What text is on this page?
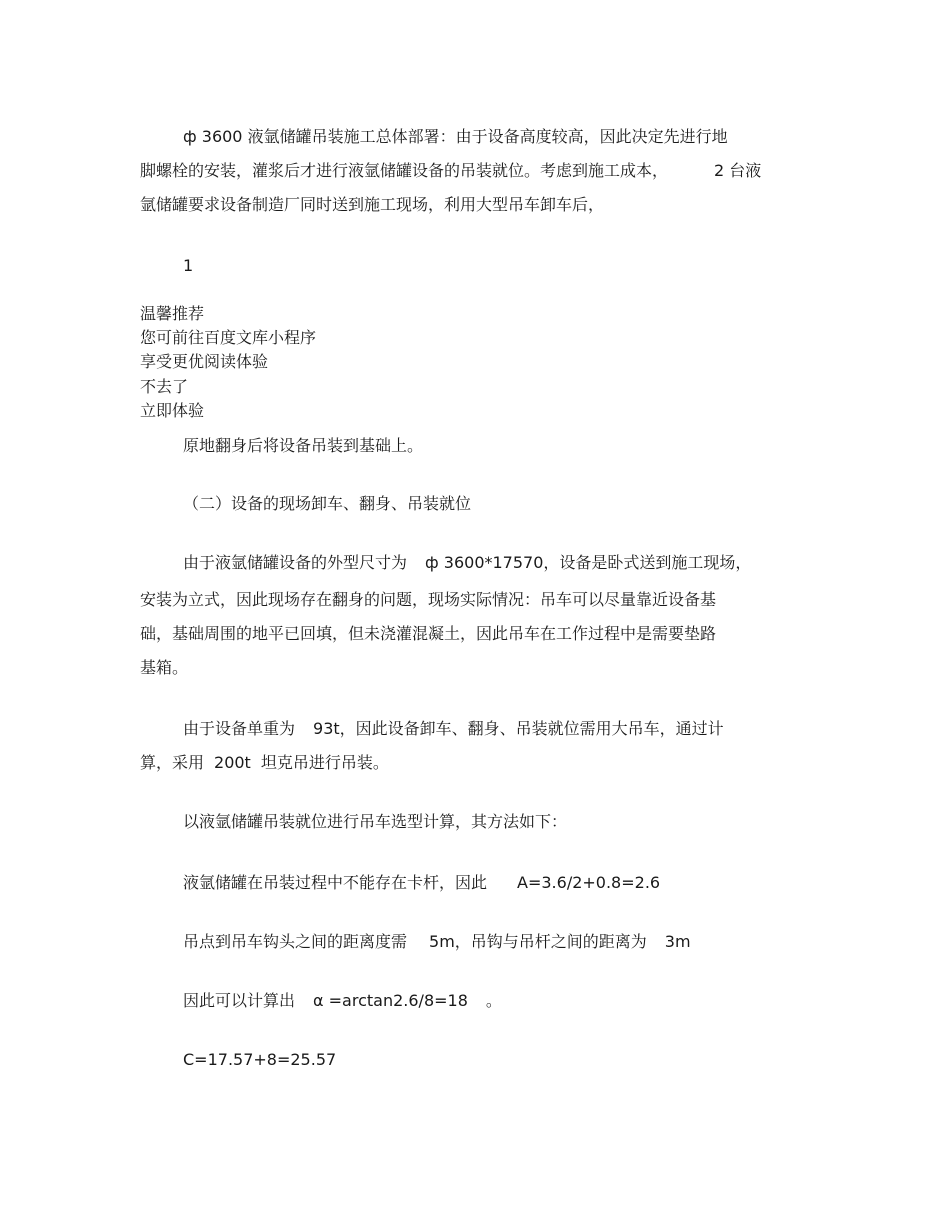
ф 3600 液氩储罐吊装施工总体部署：由于设备高度较高，因此决定先进行地

脚螺栓的安装，灌浆后才进行液氩储罐设备的吊装就位。考虑到施工成本，	2 台液

氩储罐要求设备制造厂同时送到施工现场，利用大型吊车卸车后，

1

温馨推荐

您可前往百度文库小程序

享受更优阅读体验

不去了

立即体验

原地翻身后将设备吊装到基础上。

（二）设备的现场卸车、翻身、吊装就位

由于液氩储罐设备的外型尺寸为 ф 3600*17570，设备是卧式送到施工现场，

安装为立式，因此现场存在翻身的问题，现场实际情况：吊车可以尽量靠近设备基

础，基础周围的地平已回填，但未浇灌混凝土，因此吊车在工作过程中是需要垫路

基箱。

由于设备单重为 93t，因此设备卸车、翻身、吊装就位需用大吊车，通过计

算，采用 200t 坦克吊进行吊装。

以液氩储罐吊装就位进行吊车选型计算，其方法如下：

液氩储罐在吊装过程中不能存在卡杆，因此 A=3.6/2+0.8=2.6

吊点到吊车钩头之间的距离度需 5m，吊钩与吊杆之间的距离为 3m

因此可以计算出 α =arctan2.6/8=18 。

C=17.57+8=25.57
